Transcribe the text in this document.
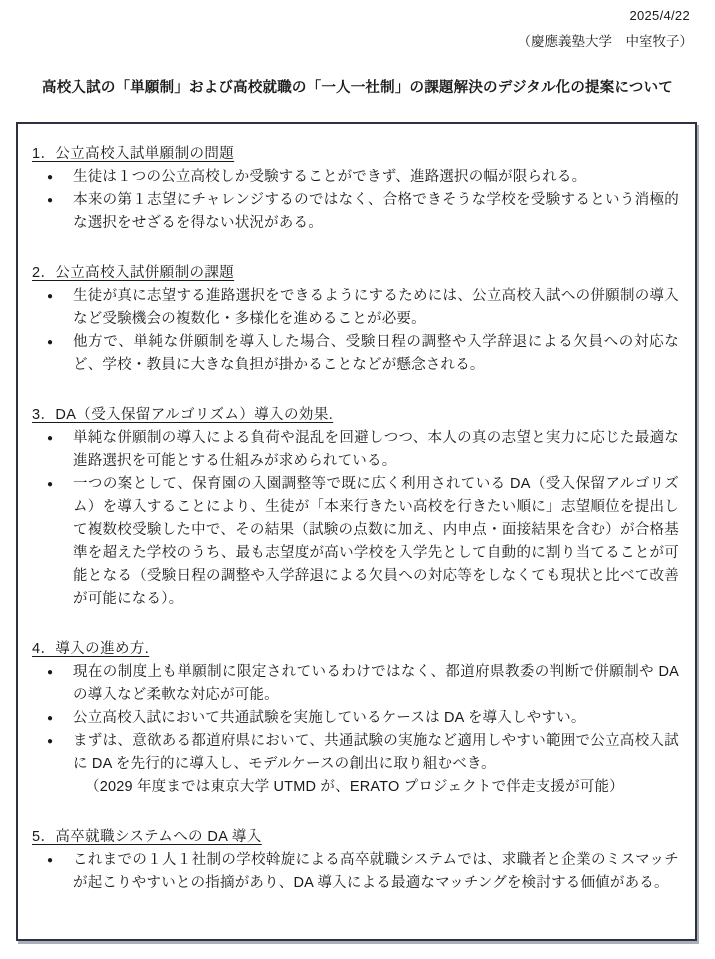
2025/4/22
（慶應義塾大学　中室牧子）
高校入試の「単願制」および高校就職の「一人一社制」の課題解決のデジタル化の提案について
1．公立高校入試単願制の問題
● 生徒は１つの公立高校しか受験することができず、進路選択の幅が限られる。
● 本来の第１志望にチャレンジするのではなく、合格できそうな学校を受験するという消極的な選択をせざるを得ない状況がある。
2．公立高校入試併願制の課題
● 生徒が真に志望する進路選択をできるようにするためには、公立高校入試への併願制の導入など受験機会の複数化・多様化を進めることが必要。
● 他方で、単純な併願制を導入した場合、受験日程の調整や入学辞退による欠員への対応など、学校・教員に大きな負担が掛かることなどが懸念される。
3．DA（受入保留アルゴリズム）導入の効果.
● 単純な併願制の導入による負荷や混乱を回避しつつ、本人の真の志望と実力に応じた最適な進路選択を可能とする仕組みが求められている。
● 一つの案として、保育園の入園調整等で既に広く利用されている DA（受入保留アルゴリズム）を導入することにより、生徒が「本来行きたい高校を行きたい順に」志望順位を提出して複数校受験した中で、その結果（試験の点数に加え、内申点・面接結果を含む）が合格基準を超えた学校のうち、最も志望度が高い学校を入学先として自動的に割り当てることが可能となる（受験日程の調整や入学辞退による欠員への対応等をしなくても現状と比べて改善が可能になる）。
4．導入の進め方.
● 現在の制度上も単願制に限定されているわけではなく、都道府県教委の判断で併願制や DA の導入など柔軟な対応が可能。
● 公立高校入試において共通試験を実施しているケースは DA を導入しやすい。
● まずは、意欲ある都道府県において、共通試験の実施など適用しやすい範囲で公立高校入試に DA を先行的に導入し、モデルケースの創出に取り組むべき。
（2029 年度までは東京大学 UTMD が、ERATO プロジェクトで伴走支援が可能）
5．高卒就職システムへの DA 導入
● これまでの１人１社制の学校斡旋による高卒就職システムでは、求職者と企業のミスマッチが起こりやすいとの指摘があり、DA 導入による最適なマッチングを検討する価値がある。
